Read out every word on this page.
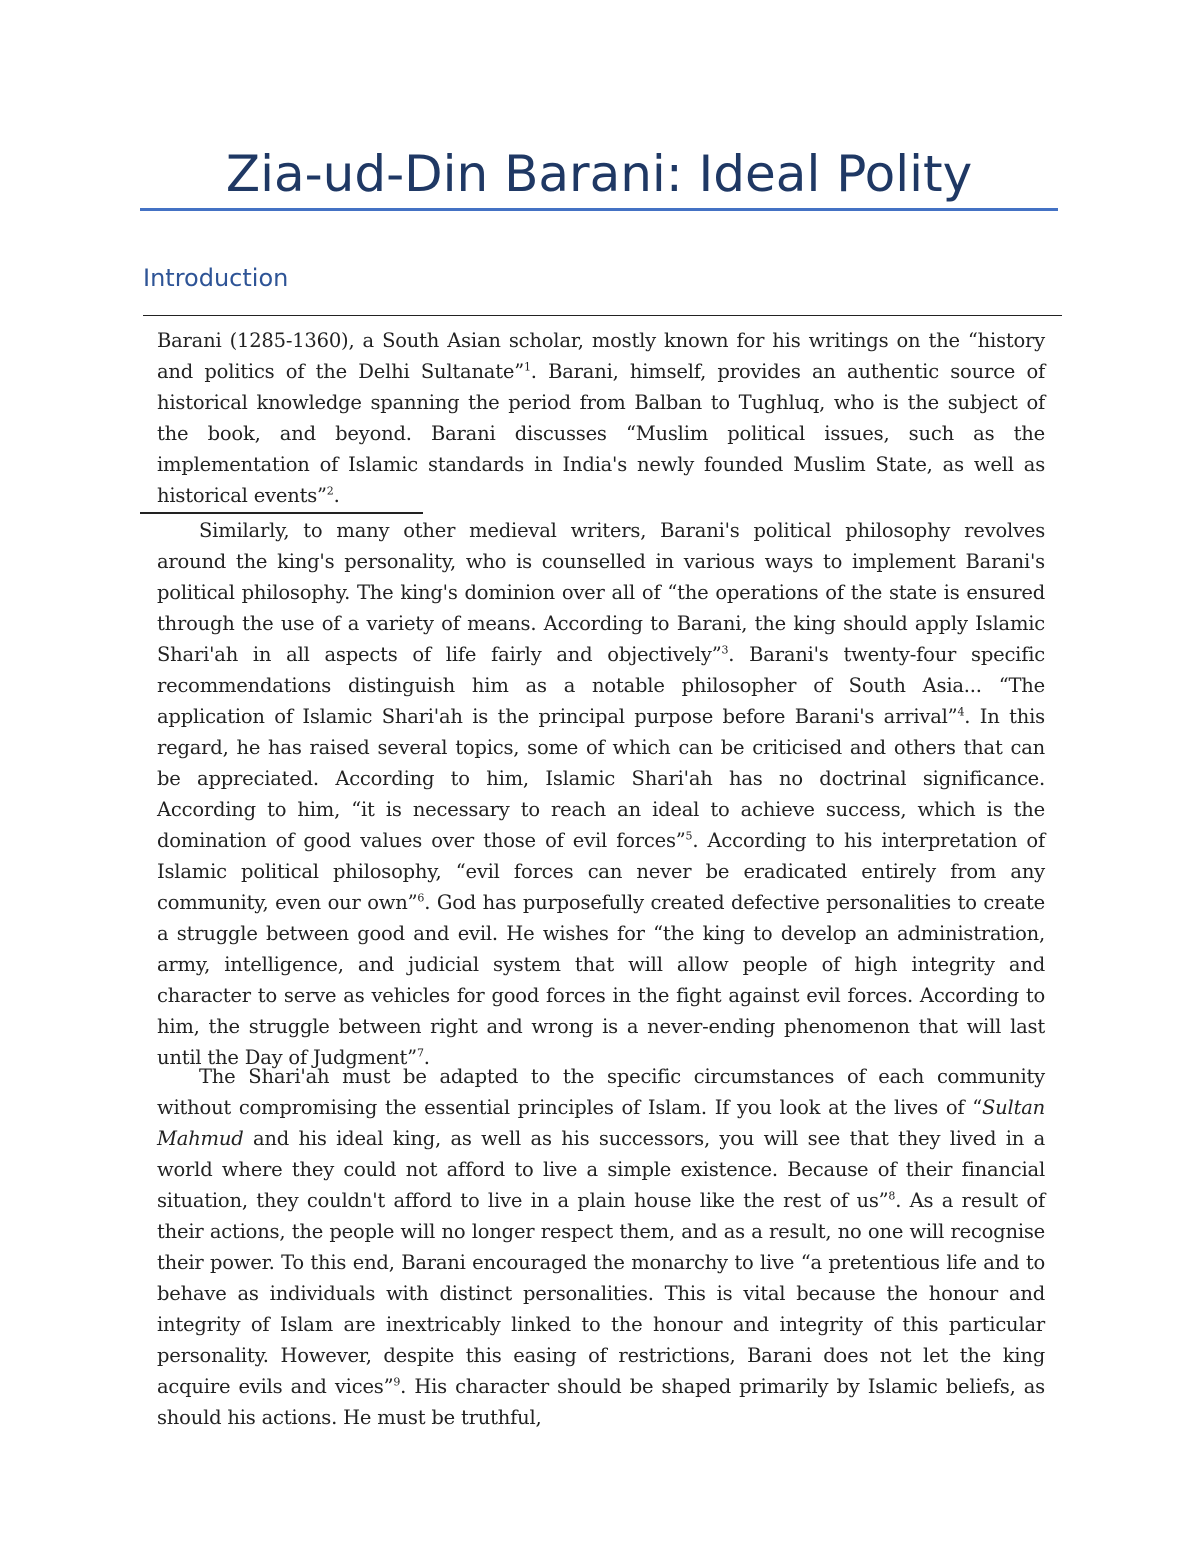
Zia-ud-Din Barani: Ideal Polity
Introduction

Barani (1285-1360), a South Asian scholar, mostly known for his writings on the “history and politics of the Delhi Sultanate”$^1$. Barani, himself, provides an authentic source of historical knowledge spanning the period from Balban to Tughluq, who is the subject of the book, and beyond. Barani discusses “Muslim political issues, such as the implementation of Islamic standards in India's newly founded Muslim State, as well as historical events”$^2$.

Similarly, to many other medieval writers, Barani's political philosophy revolves around the king's personality, who is counselled in various ways to implement Barani's political philosophy. The king's dominion over all of “the operations of the state is ensured through the use of a variety of means. According to Barani, the king should apply Islamic Shari'ah in all aspects of life fairly and objectively”$^3$. Barani's twenty-four specific recommendations distinguish him as a notable philosopher of South Asia... “The application of Islamic Shari'ah is the principal purpose before Barani's arrival”$^4$. In this regard, he has raised several topics, some of which can be criticised and others that can be appreciated. According to him, Islamic Shari'ah has no doctrinal significance. According to him, “it is necessary to reach an ideal to achieve success, which is the domination of good values over those of evil forces”$^5$. According to his interpretation of Islamic political philosophy, “evil forces can never be eradicated entirely from any community, even our own”$^6$. God has purposefully created defective personalities to create a struggle between good and evil. He wishes for “the king to develop an administration, army, intelligence, and judicial system that will allow people of high integrity and character to serve as vehicles for good forces in the fight against evil forces. According to him, the struggle between right and wrong is a never-ending phenomenon that will last until the Day of Judgment”$^7$.

The Shari'ah must be adapted to the specific circumstances of each community without compromising the essential principles of Islam. If you look at the lives of “Sultan Mahmud and his ideal king, as well as his successors, you will see that they lived in a world where they could not afford to live a simple existence. Because of their financial situation, they couldn't afford to live in a plain house like the rest of us”$^8$. As a result of their actions, the people will no longer respect them, and as a result, no one will recognise their power. To this end, Barani encouraged the monarchy to live “a pretentious life and to behave as individuals with distinct personalities. This is vital because the honour and integrity of Islam are inextricably linked to the honour and integrity of this particular personality. However, despite this easing of restrictions, Barani does not let the king acquire evils and vices”$^9$. His character should be shaped primarily by Islamic beliefs, as should his actions. He must be truthful,
